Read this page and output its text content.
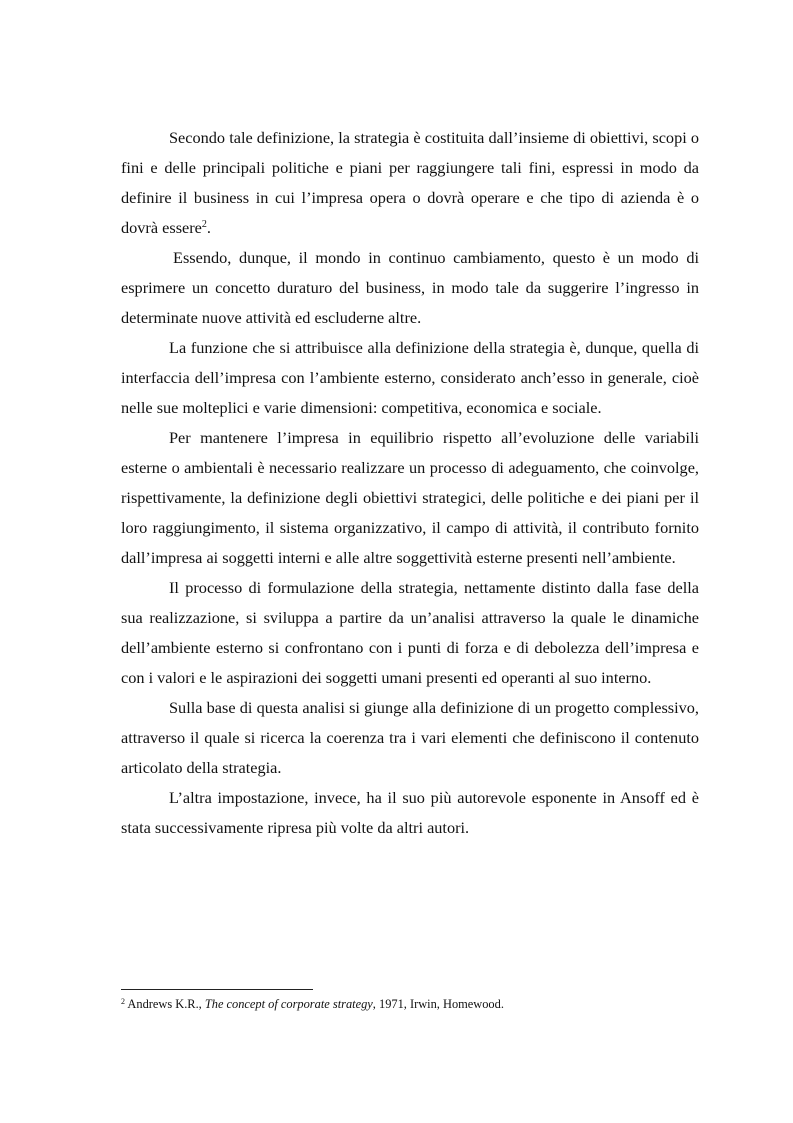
Secondo tale definizione, la strategia è costituita dall’insieme di obiettivi, scopi o fini e delle principali politiche e piani per raggiungere tali fini, espressi in modo da definire il business in cui l’impresa opera o dovrà operare e che tipo di azienda è o dovrà essere$^2$.

Essendo, dunque, il mondo in continuo cambiamento, questo è un modo di esprimere un concetto duraturo del business, in modo tale da suggerire l’ingresso in determinate nuove attività ed escluderne altre.

La funzione che si attribuisce alla definizione della strategia è, dunque, quella di interfaccia dell’impresa con l’ambiente esterno, considerato anch’esso in generale, cioè nelle sue molteplici e varie dimensioni: competitiva, economica e sociale.

Per mantenere l’impresa in equilibrio rispetto all’evoluzione delle variabili esterne o ambientali è necessario realizzare un processo di adeguamento, che coinvolge, rispettivamente, la definizione degli obiettivi strategici, delle politiche e dei piani per il loro raggiungimento, il sistema organizzativo, il campo di attività, il contributo fornito dall’impresa ai soggetti interni e alle altre soggettività esterne presenti nell’ambiente.

Il processo di formulazione della strategia, nettamente distinto dalla fase della sua realizzazione, si sviluppa a partire da un’analisi attraverso la quale le dinamiche dell’ambiente esterno si confrontano con i punti di forza e di debolezza dell’impresa e con i valori e le aspirazioni dei soggetti umani presenti ed operanti al suo interno.

Sulla base di questa analisi si giunge alla definizione di un progetto complessivo, attraverso il quale si ricerca la coerenza tra i vari elementi che definiscono il contenuto articolato della strategia.

L’altra impostazione, invece, ha il suo più autorevole esponente in Ansoff ed è stata successivamente ripresa più volte da altri autori.

$^2$ Andrews K.R., The concept of corporate strategy, 1971, Irwin, Homewood.
